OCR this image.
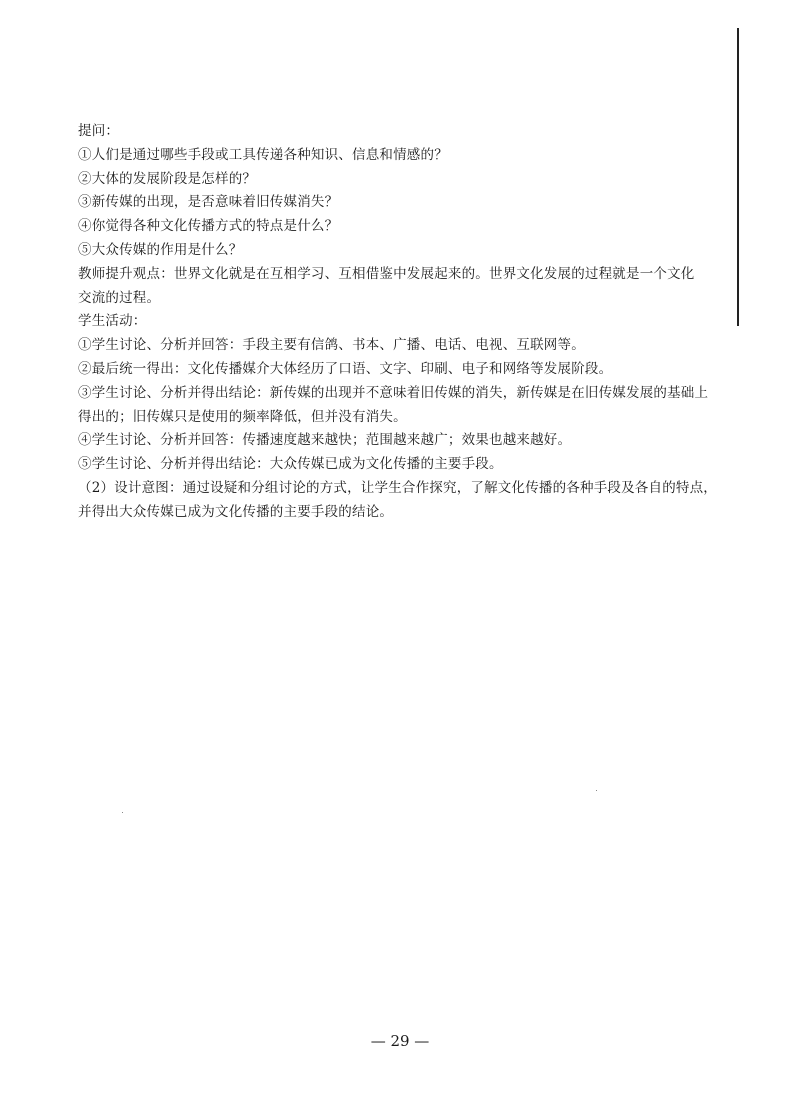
提问：
①人们是通过哪些手段或工具传递各种知识、信息和情感的？
②大体的发展阶段是怎样的？
③新传媒的出现，是否意味着旧传媒消失？
④你觉得各种文化传播方式的特点是什么？
⑤大众传媒的作用是什么？
教师提升观点：世界文化就是在互相学习、互相借鉴中发展起来的。世界文化发展的过程就是一个文化
交流的过程。
学生活动：
①学生讨论、分析并回答：手段主要有信鸽、书本、广播、电话、电视、互联网等。
②最后统一得出：文化传播媒介大体经历了口语、文字、印刷、电子和网络等发展阶段。
③学生讨论、分析并得出结论：新传媒的出现并不意味着旧传媒的消失，新传媒是在旧传媒发展的基础上
得出的；旧传媒只是使用的频率降低，但并没有消失。
④学生讨论、分析并回答：传播速度越来越快；范围越来越广；效果也越来越好。
⑤学生讨论、分析并得出结论：大众传媒已成为文化传播的主要手段。
（2）设计意图：通过设疑和分组讨论的方式，让学生合作探究，了解文化传播的各种手段及各自的特点，
并得出大众传媒已成为文化传播的主要手段的结论。
— 29 —
